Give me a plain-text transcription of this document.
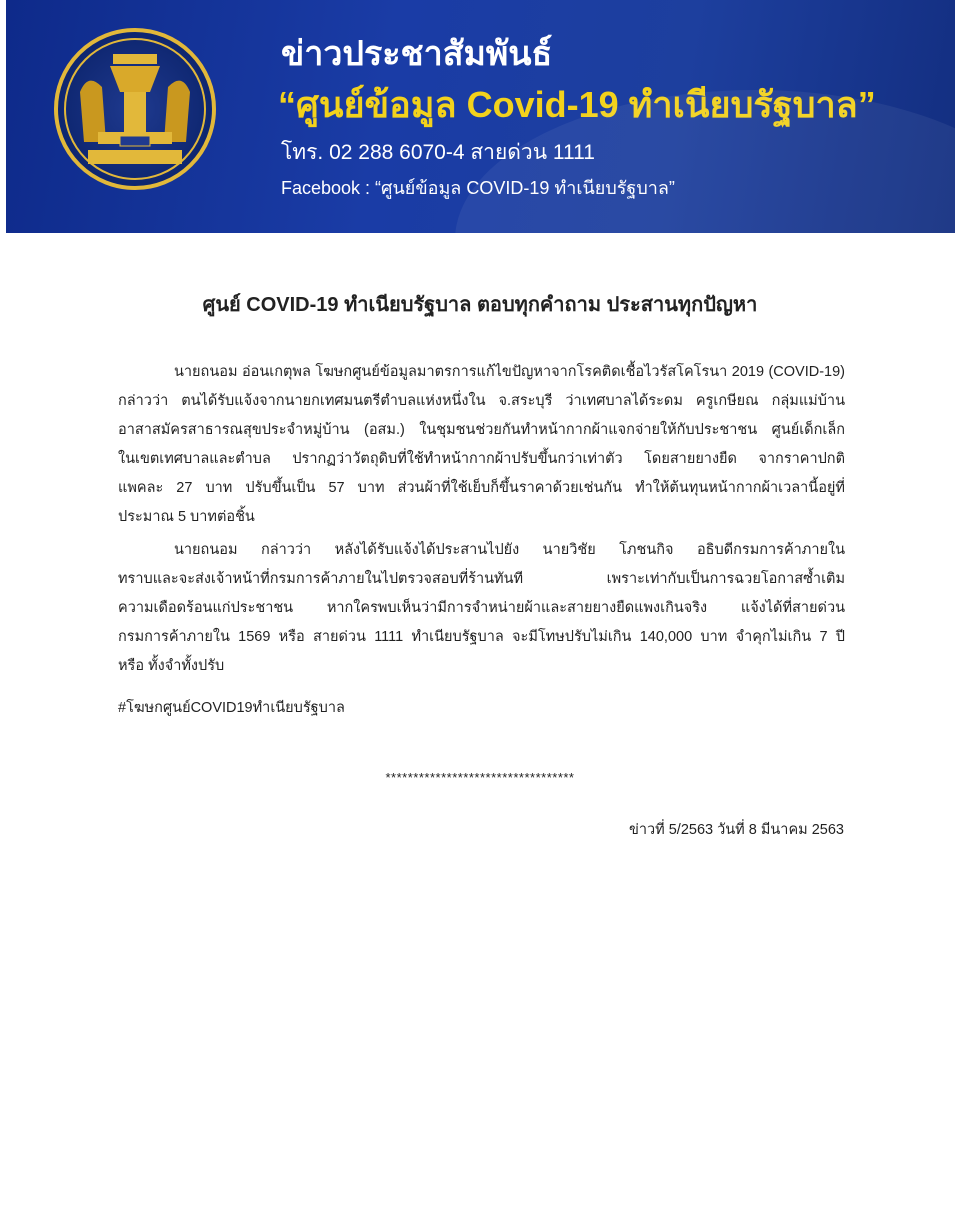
ข่าวประชาสัมพันธ์
“ศูนย์ข้อมูล Covid-19 ทำเนียบรัฐบาล”
โทร. 02 288 6070-4 สายด่วน 1111
Facebook : “ศูนย์ข้อมูล COVID-19 ทำเนียบรัฐบาล”
ศูนย์ COVID-19 ทำเนียบรัฐบาล ตอบทุกคำถาม ประสานทุกปัญหา
นายถนอม อ่อนเกตุพล โฆษกศูนย์ข้อมูลมาตรการแก้ไขปัญหาจากโรคติดเชื้อไวรัสโคโรนา 2019 (COVID-19)
กล่าวว่า ตนได้รับแจ้งจากนายกเทศมนตรีตำบลแห่งหนึ่งใน จ.สระบุรี ว่าเทศบาลได้ระดม ครูเกษียณ กลุ่มแม่บ้าน
อาสาสมัครสาธารณสุขประจำหมู่บ้าน (อสม.) ในชุมชนช่วยกันทำหน้ากากผ้าแจกจ่ายให้กับประชาชน ศูนย์เด็กเล็ก
ในเขตเทศบาลและตำบล ปรากฏว่าวัตถุดิบที่ใช้ทำหน้ากากผ้าปรับขึ้นกว่าเท่าตัว โดยสายยางยืด จากราคาปกติ
แพคละ 27 บาท ปรับขึ้นเป็น 57 บาท ส่วนผ้าที่ใช้เย็บก็ขึ้นราคาด้วยเช่นกัน ทำให้ต้นทุนหน้ากากผ้าเวลานี้อยู่ที่
ประมาณ 5 บาทต่อชิ้น
นายถนอม กล่าวว่า หลังได้รับแจ้งได้ประสานไปยัง นายวิชัย โภชนกิจ อธิบดีกรมการค้าภายใน
ทราบและจะส่งเจ้าหน้าที่กรมการค้าภายในไปตรวจสอบที่ร้านทันที เพราะเท่ากับเป็นการฉวยโอกาสซ้ำเติม
ความเดือดร้อนแก่ประชาชน หากใครพบเห็นว่ามีการจำหน่ายผ้าและสายยางยืดแพงเกินจริง แจ้งได้ที่สายด่วน
กรมการค้าภายใน 1569 หรือ สายด่วน 1111 ทำเนียบรัฐบาล จะมีโทษปรับไม่เกิน 140,000 บาท จำคุกไม่เกิน 7 ปี
หรือ ทั้งจำทั้งปรับ
#โฆษกศูนย์COVID19ทำเนียบรัฐบาล
**********************************
ข่าวที่ 5/2563 วันที่ 8 มีนาคม 2563
